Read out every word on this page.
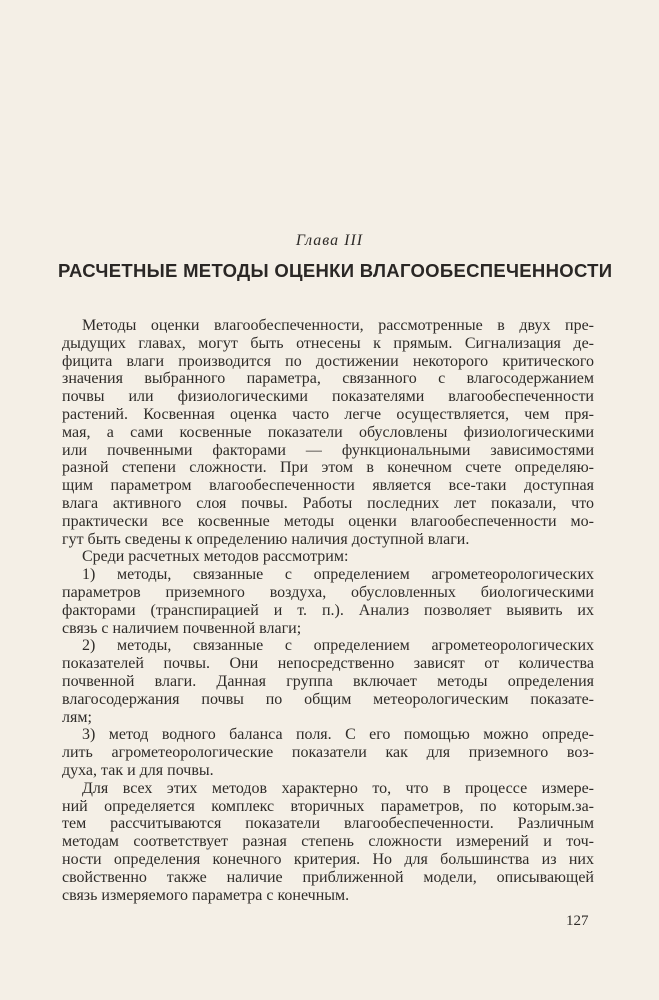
Глава III
РАСЧЕТНЫЕ МЕТОДЫ ОЦЕНКИ ВЛАГООБЕСПЕЧЕННОСТИ
Методы оценки влагообеспеченности, рассмотренные в двух пре-
дыдущих главах, могут быть отнесены к прямым. Сигнализация де-
фицита влаги производится по достижении некоторого критического
значения выбранного параметра, связанного с влагосодержанием
почвы или физиологическими показателями влагообеспеченности
растений. Косвенная оценка часто легче осуществляется, чем пря-
мая, а сами косвенные показатели обусловлены физиологическими
или почвенными факторами — функциональными зависимостями
разной степени сложности. При этом в конечном счете определяю-
щим параметром влагообеспеченности является все-таки доступная
влага активного слоя почвы. Работы последних лет показали, что
практически все косвенные методы оценки влагообеспеченности мо-
гут быть сведены к определению наличия доступной влаги.
Среди расчетных методов рассмотрим:
1) методы, связанные с определением агрометеорологических
параметров приземного воздуха, обусловленных биологическими
факторами (транспирацией и т. п.). Анализ позволяет выявить их
связь с наличием почвенной влаги;
2) методы, связанные с определением агрометеорологических
показателей почвы. Они непосредственно зависят от количества
почвенной влаги. Данная группа включает методы определения
влагосодержания почвы по общим метеорологическим показате-
лям;
3) метод водного баланса поля. С его помощью можно опреде-
лить агрометеорологические показатели как для приземного воз-
духа, так и для почвы.
Для всех этих методов характерно то, что в процессе измере-
ний определяется комплекс вторичных параметров, по которым.за-
тем рассчитываются показатели влагообеспеченности. Различным
методам соответствует разная степень сложности измерений и точ-
ности определения конечного критерия. Но для большинства из них
свойственно также наличие приближенной модели, описывающей
связь измеряемого параметра с конечным.
127
